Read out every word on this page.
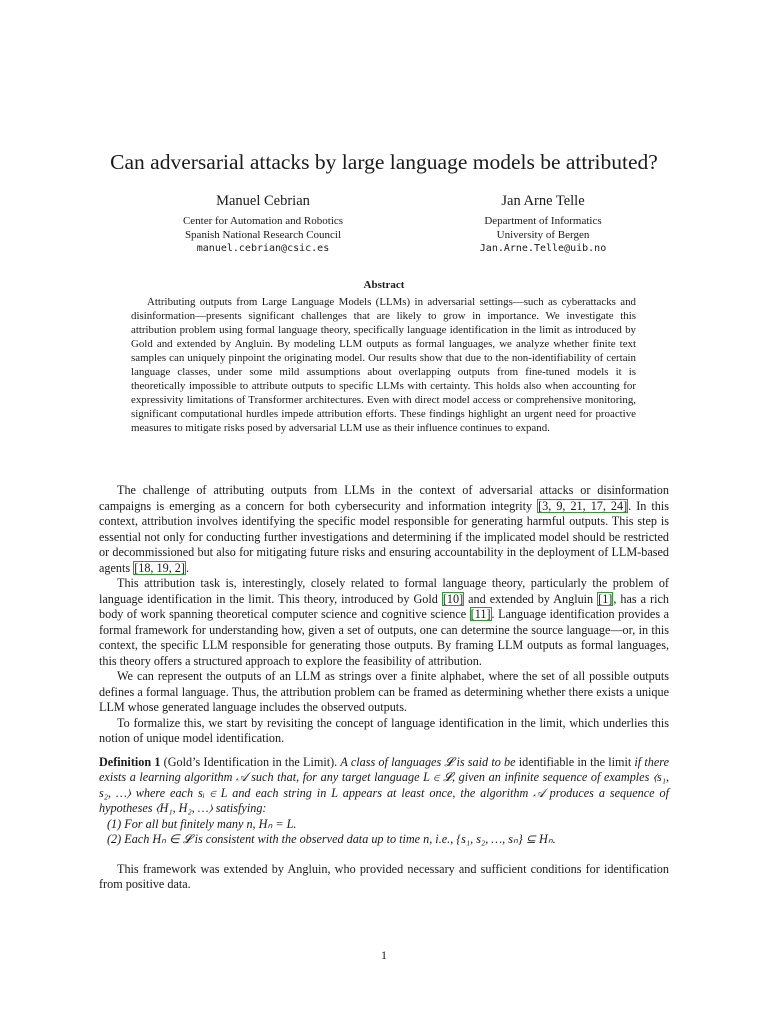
Can adversarial attacks by large language models be attributed?
Manuel Cebrian
Center for Automation and Robotics
Spanish National Research Council
manuel.cebrian@csic.es
Jan Arne Telle
Department of Informatics
University of Bergen
Jan.Arne.Telle@uib.no
Abstract

Attributing outputs from Large Language Models (LLMs) in adversarial settings—such as cyberattacks and disinformation—presents significant challenges that are likely to grow in importance. We investigate this attribution problem using formal language theory, specifically language identification in the limit as introduced by Gold and extended by Angluin. By modeling LLM outputs as formal languages, we analyze whether finite text samples can uniquely pinpoint the originating model. Our results show that due to the non-identifiability of certain language classes, under some mild assumptions about overlapping outputs from fine-tuned models it is theoretically impossible to attribute outputs to specific LLMs with certainty. This holds also when accounting for expressivity limitations of Transformer architectures. Even with direct model access or comprehensive monitoring, significant computational hurdles impede attribution efforts. These findings highlight an urgent need for proactive measures to mitigate risks posed by adversarial LLM use as their influence continues to expand.

The challenge of attributing outputs from LLMs in the context of adversarial attacks or disinformation campaigns is emerging as a concern for both cybersecurity and information integrity [3, 9, 21, 17, 24]. In this context, attribution involves identifying the specific model responsible for generating harmful outputs. This step is essential not only for conducting further investigations and determining if the implicated model should be restricted or decommissioned but also for mitigating future risks and ensuring accountability in the deployment of LLM-based agents [18, 19, 2].

This attribution task is, interestingly, closely related to formal language theory, particularly the problem of language identification in the limit. This theory, introduced by Gold [10] and extended by Angluin [1], has a rich body of work spanning theoretical computer science and cognitive science [11]. Language identification provides a formal framework for understanding how, given a set of outputs, one can determine the source language—or, in this context, the specific LLM responsible for generating those outputs. By framing LLM outputs as formal languages, this theory offers a structured approach to explore the feasibility of attribution.

We can represent the outputs of an LLM as strings over a finite alphabet, where the set of all possible outputs defines a formal language. Thus, the attribution problem can be framed as determining whether there exists a unique LLM whose generated language includes the observed outputs.

To formalize this, we start by revisiting the concept of language identification in the limit, which underlies this notion of unique model identification.

Definition 1 (Gold’s Identification in the Limit). A class of languages 𝓛 is said to be identifiable in the limit if there exists a learning algorithm 𝒜 such that, for any target language L ∈ 𝓛, given an infinite sequence of examples ⟨s₁, s₂, …⟩ where each sᵢ ∈ L and each string in L appears at least once, the algorithm 𝒜 produces a sequence of hypotheses ⟨H₁, H₂, …⟩ satisfying:

(1) For all but finitely many n, Hₙ = L.

(2) Each Hₙ ∈ 𝓛 is consistent with the observed data up to time n, i.e., {s₁, s₂, …, sₙ} ⊆ Hₙ.

This framework was extended by Angluin, who provided necessary and sufficient conditions for identification from positive data.

1
